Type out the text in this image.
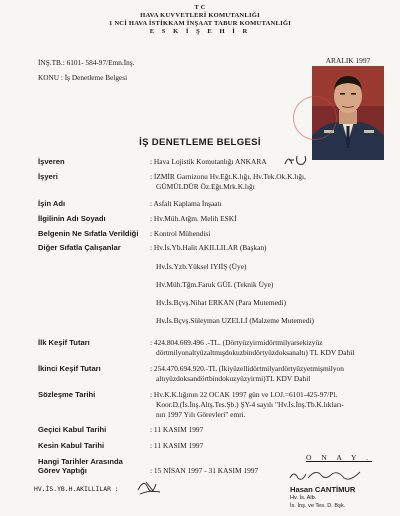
T C
HAVA KUVVETLERİ KOMUTANLIĞI
1 NCİ HAVA İSTİKKAM İNŞAAT TABUR KOMUTANLIĞI
E S K İ Ş E H İ R
İNŞ.TB.: 6101- 584-97/Emn.İnş.
KONU : İş Denetleme Belgesi
ARALIK 1997
İŞ DENETLEME BELGESİ
İşveren	: Hava Lojistik Komutanlığı ANKARA
İşyeri	: İZMİR Garnizonu Hv.Eğt.K.lığı, Hv.Tek.Ok.K.lığı,
GÜMÜLDÜR Öz.Eğt.Mrk.K.lığı
İşin Adı	: Asfalt Kaplama İnşaatı
İlgilinin Adı Soyadı	: Hv.Müh.Atğm. Melih ESKİ
Belgenin Ne Sıfatla Verildiği : Kontrol Mühendisi
Diğer Sıfatla Çalışanlar	: Hv.İs.Yb.Halit AKILLILAR (Başkan)
Hv.İs.Yzb.Yüksel IYIİŞ (Üye)
Hv.Müh.Tğm.Faruk GÜL (Teknik Üye)
Hv.İs.Bçvş.Nihat ERKAN (Para Mutemedi)
Hv.İs.Bçvş.Süleyman UZELLİ (Malzeme Mutemedi)
İlk Keşif Tutarı	: 424.804.669.496 .-TL. (Dörtyüzyirmidörtmilyarsekizyüz
dörtmilyonaltyüzaltmışdokuzbindörtyüzdoksanaltı) TL KDV Dahil
İkinci Keşif Tutarı	: 254.470.694.920.-TL (İkiyüzellidörtmilyardörtyüzyetmişmilyon
altıyüzdoksandörtbindokuzyüzyirmi)TL KDV Dahil
Sözleşme Tarihi	: Hv.K.K.lığının 22 OCAK 1997 gün ve LOJ.=6101-425-97/Pl.
Koor.D.(İs.İnş.Altş.Tes.Şb.) ŞY-4 sayılı "Hv.İs.İnş.Tb.K.lıkları-
nın 1997 Yılı Görevleri" emri.
Geçici Kabul Tarihi	: 11 KASIM 1997
Kesin Kabul Tarihi	: 11 KASIM 1997
Hangi Tarihler Arasında
Görev Yaptığı	: 15 NİSAN 1997 - 31 KASIM 1997
HV.İS.YB.H.AKILLILAR :
O N A Y .
Hasan CANTİMUR
Hv. İs. Alb.
İs. İnş. ve Tes. D. Bşk.
